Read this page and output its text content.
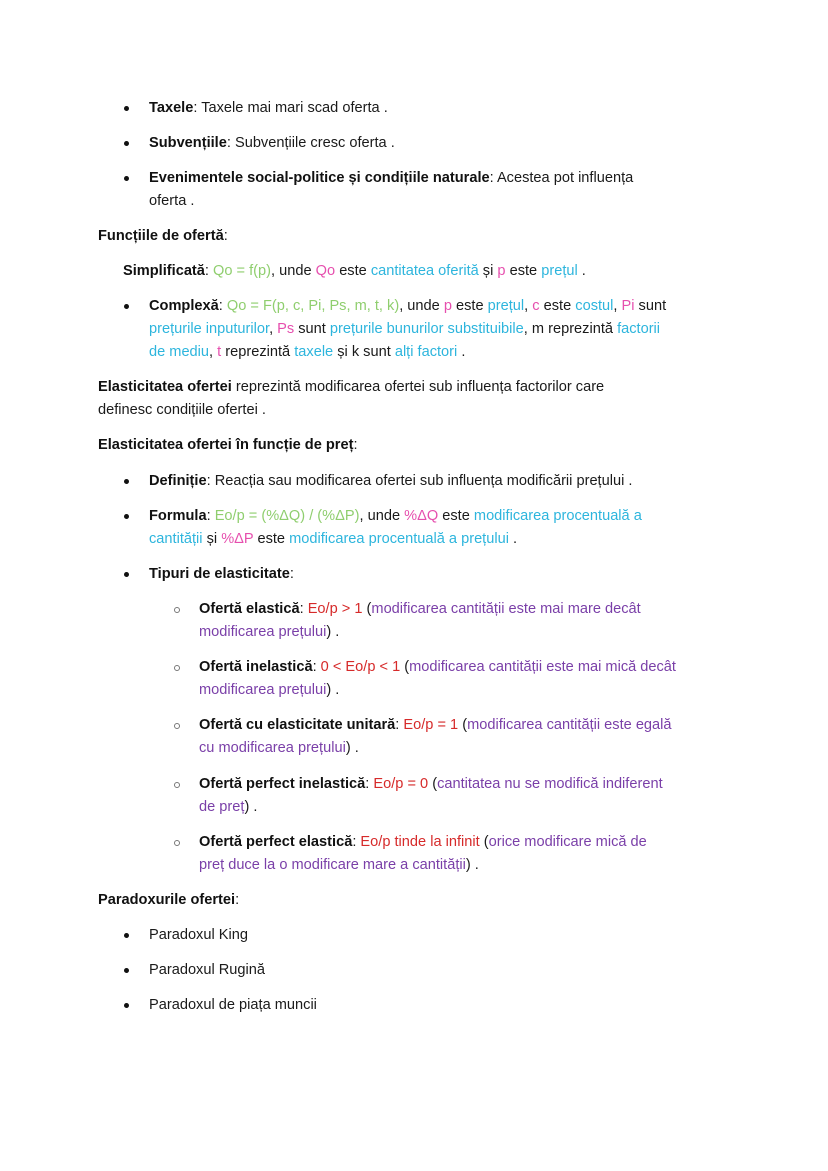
Taxele: Taxele mai mari scad oferta .
Subvențiile: Subvențiile cresc oferta .
Evenimentele social-politice și condițiile naturale: Acestea pot influența
oferta .
Funcțiile de ofertă:
Simplificată: Qo = f(p), unde Qo este cantitatea oferită și p este prețul .
Complexă: Qo = F(p, c, Pi, Ps, m, t, k), unde p este prețul, c este costul, Pi sunt
prețurile inputurilor, Ps sunt prețurile bunurilor substituibile, m reprezintă factorii
de mediu, t reprezintă taxele și k sunt alți factori .
Elasticitatea ofertei reprezintă modificarea ofertei sub influența factorilor care
definesc condițiile ofertei .
Elasticitatea ofertei în funcție de preț:
Definiție: Reacția sau modificarea ofertei sub influența modificării prețului .
Formula: Eo/p = (%ΔQ) / (%ΔP), unde %ΔQ este modificarea procentuală a
cantității și %ΔP este modificarea procentuală a prețului .
Tipuri de elasticitate:
Ofertă elastică: Eo/p > 1 (modificarea cantității este mai mare decât
modificarea prețului) .
Ofertă inelastică: 0 < Eo/p < 1 (modificarea cantității este mai mică decât
modificarea prețului) .
Ofertă cu elasticitate unitară: Eo/p = 1 (modificarea cantității este egală
cu modificarea prețului) .
Ofertă perfect inelastică: Eo/p = 0 (cantitatea nu se modifică indiferent
de preț) .
Ofertă perfect elastică: Eo/p tinde la infinit (orice modificare mică de
preț duce la o modificare mare a cantității) .
Paradoxurile ofertei:
Paradoxul King
Paradoxul Rugină
Paradoxul de piața muncii
